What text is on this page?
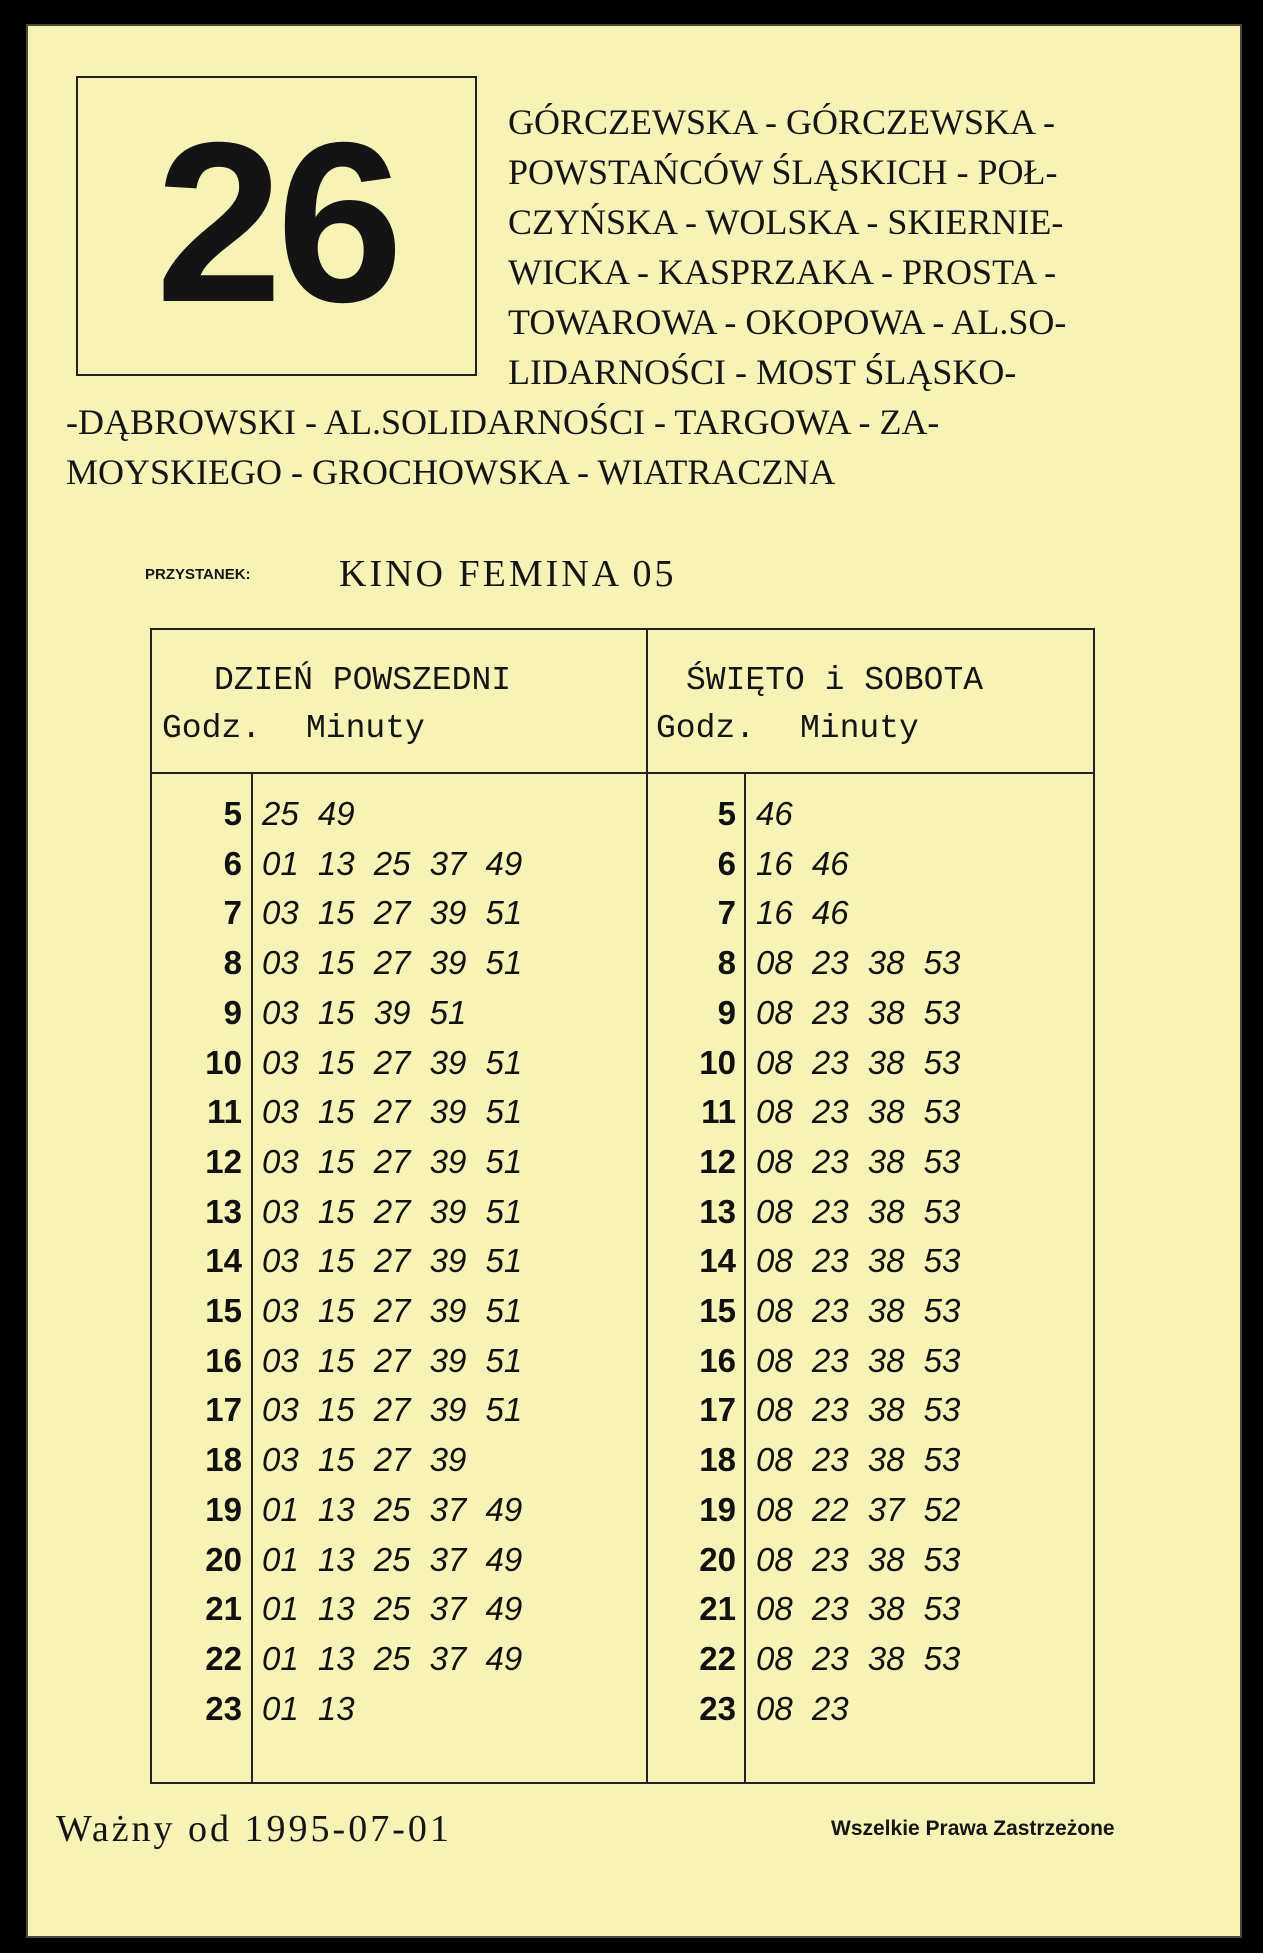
26	GÓRCZEWSKA - GÓRCZEWSKA -
POWSTAŃCÓW ŚLĄSKICH - POŁ-
CZYŃSKA - WOLSKA - SKIERNIE-
WICKA - KASPRZAKA - PROSTA -
TOWAROWA - OKOPOWA - AL.SO-
LIDARNOŚCI - MOST ŚLĄSKO-
-DĄBROWSKI - AL.SOLIDARNOŚCI - TARGOWA - ZA-
MOYSKIEGO - GROCHOWSKA - WIATRACZNA
PRZYSTANEK: KINO FEMINA 05
DZIEŃ POWSZEDNI
Godz. Minuty
ŚWIĘTO i SOBOTA
Godz. Minuty
5 25 49
6 01 13 25 37 49
7 03 15 27 39 51
8 03 15 27 39 51
9 03 15 39 51
10 03 15 27 39 51
11 03 15 27 39 51
12 03 15 27 39 51
13 03 15 27 39 51
14 03 15 27 39 51
15 03 15 27 39 51
16 03 15 27 39 51
17 03 15 27 39 51
18 03 15 27 39
19 01 13 25 37 49
20 01 13 25 37 49
21 01 13 25 37 49
22 01 13 25 37 49
23 01 13
5 46
6 16 46
7 16 46
8 08 23 38 53
9 08 23 38 53
10 08 23 38 53
11 08 23 38 53
12 08 23 38 53
13 08 23 38 53
14 08 23 38 53
15 08 23 38 53
16 08 23 38 53
17 08 23 38 53
18 08 23 38 53
19 08 22 37 52
20 08 23 38 53
21 08 23 38 53
22 08 23 38 53
23 08 23
Ważny od 1995-07-01	Wszelkie Prawa Zastrzeżone
